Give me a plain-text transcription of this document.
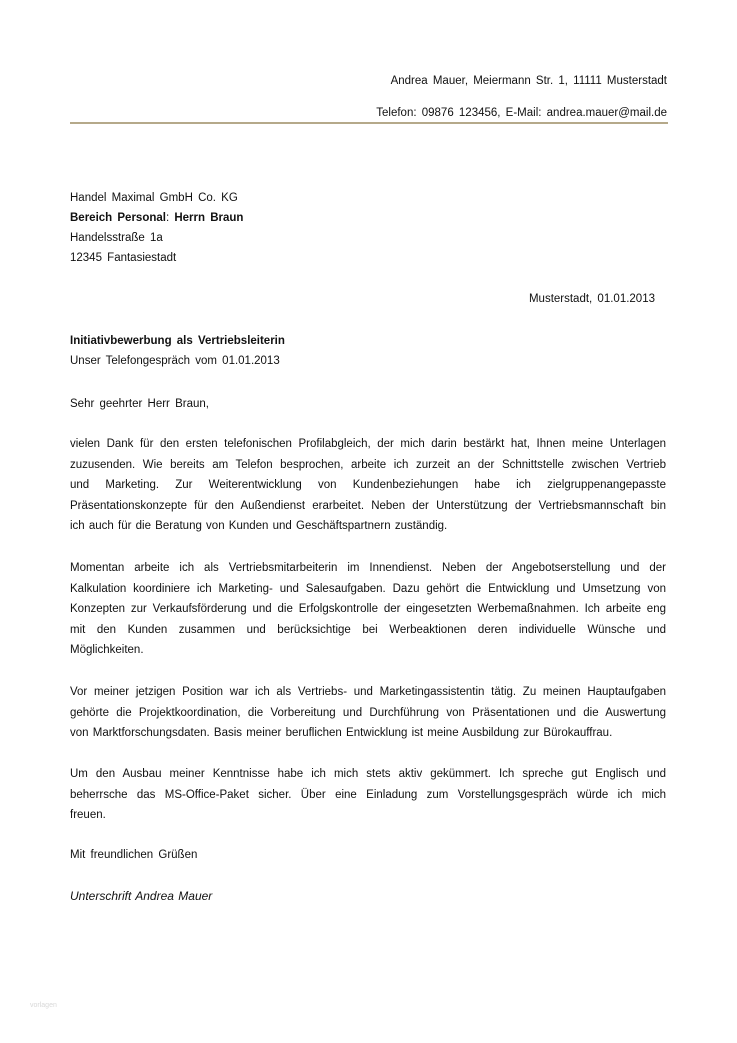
Andrea Mauer, Meiermann Str. 1, 11111 Musterstadt
Telefon: 09876 123456, E-Mail: andrea.mauer@mail.de
Handel Maximal GmbH Co. KG
Bereich Personal: Herrn Braun
Handelsstraße 1a
12345 Fantasiestadt
Musterstadt, 01.01.2013
Initiativbewerbung als Vertriebsleiterin
Unser Telefongespräch vom 01.01.2013
Sehr geehrter Herr Braun,
vielen Dank für den ersten telefonischen Profilabgleich, der mich darin bestärkt hat, Ihnen meine Unterlagen
zuzusenden. Wie bereits am Telefon besprochen, arbeite ich zurzeit an der Schnittstelle zwischen Vertrieb
und Marketing. Zur Weiterentwicklung von Kundenbeziehungen habe ich zielgruppenangepasste
Präsentationskonzepte für den Außendienst erarbeitet. Neben der Unterstützung der Vertriebsmannschaft bin
ich auch für die Beratung von Kunden und Geschäftspartnern zuständig.
Momentan arbeite ich als Vertriebsmitarbeiterin im Innendienst. Neben der Angebotserstellung und der
Kalkulation koordiniere ich Marketing- und Salesaufgaben. Dazu gehört die Entwicklung und Umsetzung von
Konzepten zur Verkaufsförderung und die Erfolgskontrolle der eingesetzten Werbemaßnahmen. Ich arbeite eng
mit den Kunden zusammen und berücksichtige bei Werbeaktionen deren individuelle Wünsche und
Möglichkeiten.
Vor meiner jetzigen Position war ich als Vertriebs- und Marketingassistentin tätig. Zu meinen Hauptaufgaben
gehörte die Projektkoordination, die Vorbereitung und Durchführung von Präsentationen und die Auswertung
von Marktforschungsdaten. Basis meiner beruflichen Entwicklung ist meine Ausbildung zur Bürokauffrau.
Um den Ausbau meiner Kenntnisse habe ich mich stets aktiv gekümmert. Ich spreche gut Englisch und
beherrsche das MS-Office-Paket sicher. Über eine Einladung zum Vorstellungsgespräch würde ich mich
freuen.
Mit freundlichen Grüßen
Unterschrift Andrea Mauer
vorlagen
